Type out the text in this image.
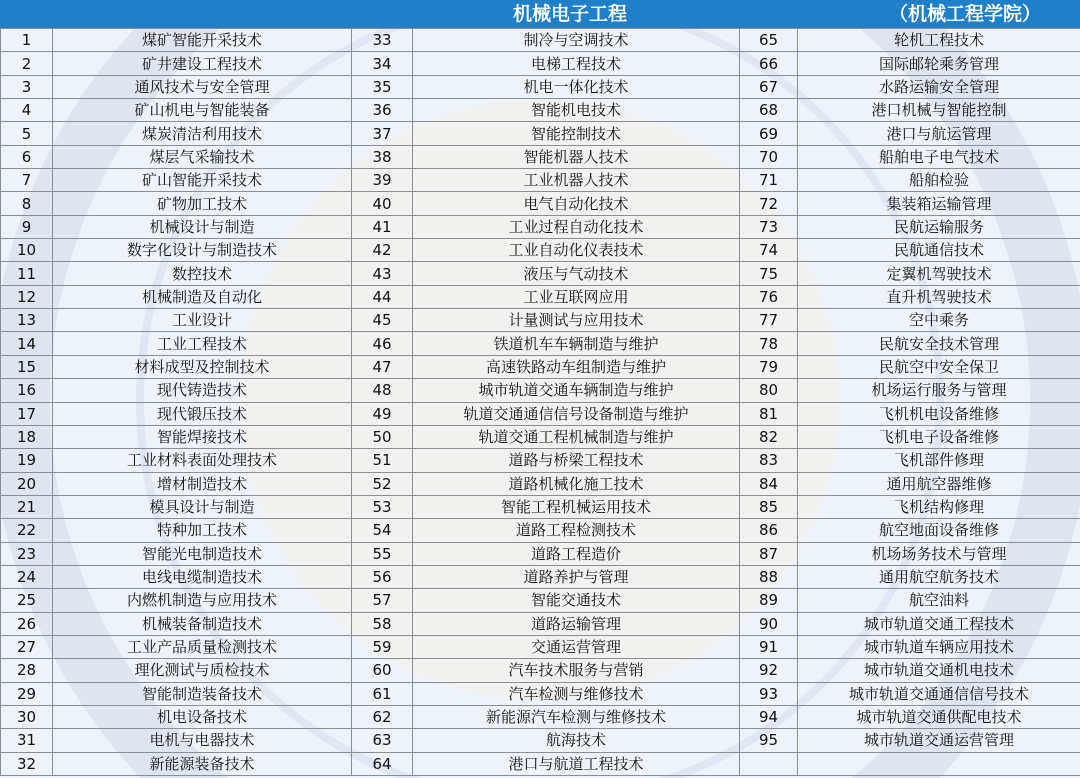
机械电子工程	（机械工程学院）
1	煤矿智能开采技术	33	制冷与空调技术	65	轮机工程技术
2	矿井建设工程技术	34	电梯工程技术	66	国际邮轮乘务管理
3	通风技术与安全管理	35	机电一体化技术	67	水路运输安全管理
4	矿山机电与智能装备	36	智能机电技术	68	港口机械与智能控制
5	煤炭清洁利用技术	37	智能控制技术	69	港口与航运管理
6	煤层气采输技术	38	智能机器人技术	70	船舶电子电气技术
7	矿山智能开采技术	39	工业机器人技术	71	船舶检验
8	矿物加工技术	40	电气自动化技术	72	集装箱运输管理
9	机械设计与制造	41	工业过程自动化技术	73	民航运输服务
10	数字化设计与制造技术	42	工业自动化仪表技术	74	民航通信技术
11	数控技术	43	液压与气动技术	75	定翼机驾驶技术
12	机械制造及自动化	44	工业互联网应用	76	直升机驾驶技术
13	工业设计	45	计量测试与应用技术	77	空中乘务
14	工业工程技术	46	铁道机车车辆制造与维护	78	民航安全技术管理
15	材料成型及控制技术	47	高速铁路动车组制造与维护	79	民航空中安全保卫
16	现代铸造技术	48	城市轨道交通车辆制造与维护	80	机场运行服务与管理
17	现代锻压技术	49	轨道交通通信信号设备制造与维护	81	飞机机电设备维修
18	智能焊接技术	50	轨道交通工程机械制造与维护	82	飞机电子设备维修
19	工业材料表面处理技术	51	道路与桥梁工程技术	83	飞机部件修理
20	增材制造技术	52	道路机械化施工技术	84	通用航空器维修
21	模具设计与制造	53	智能工程机械运用技术	85	飞机结构修理
22	特种加工技术	54	道路工程检测技术	86	航空地面设备维修
23	智能光电制造技术	55	道路工程造价	87	机场场务技术与管理
24	电线电缆制造技术	56	道路养护与管理	88	通用航空航务技术
25	内燃机制造与应用技术	57	智能交通技术	89	航空油料
26	机械装备制造技术	58	道路运输管理	90	城市轨道交通工程技术
27	工业产品质量检测技术	59	交通运营管理	91	城市轨道车辆应用技术
28	理化测试与质检技术	60	汽车技术服务与营销	92	城市轨道交通机电技术
29	智能制造装备技术	61	汽车检测与维修技术	93	城市轨道交通通信信号技术
30	机电设备技术	62	新能源汽车检测与维修技术	94	城市轨道交通供配电技术
31	电机与电器技术	63	航海技术	95	城市轨道交通运营管理
32	新能源装备技术	64	港口与航道工程技术		
